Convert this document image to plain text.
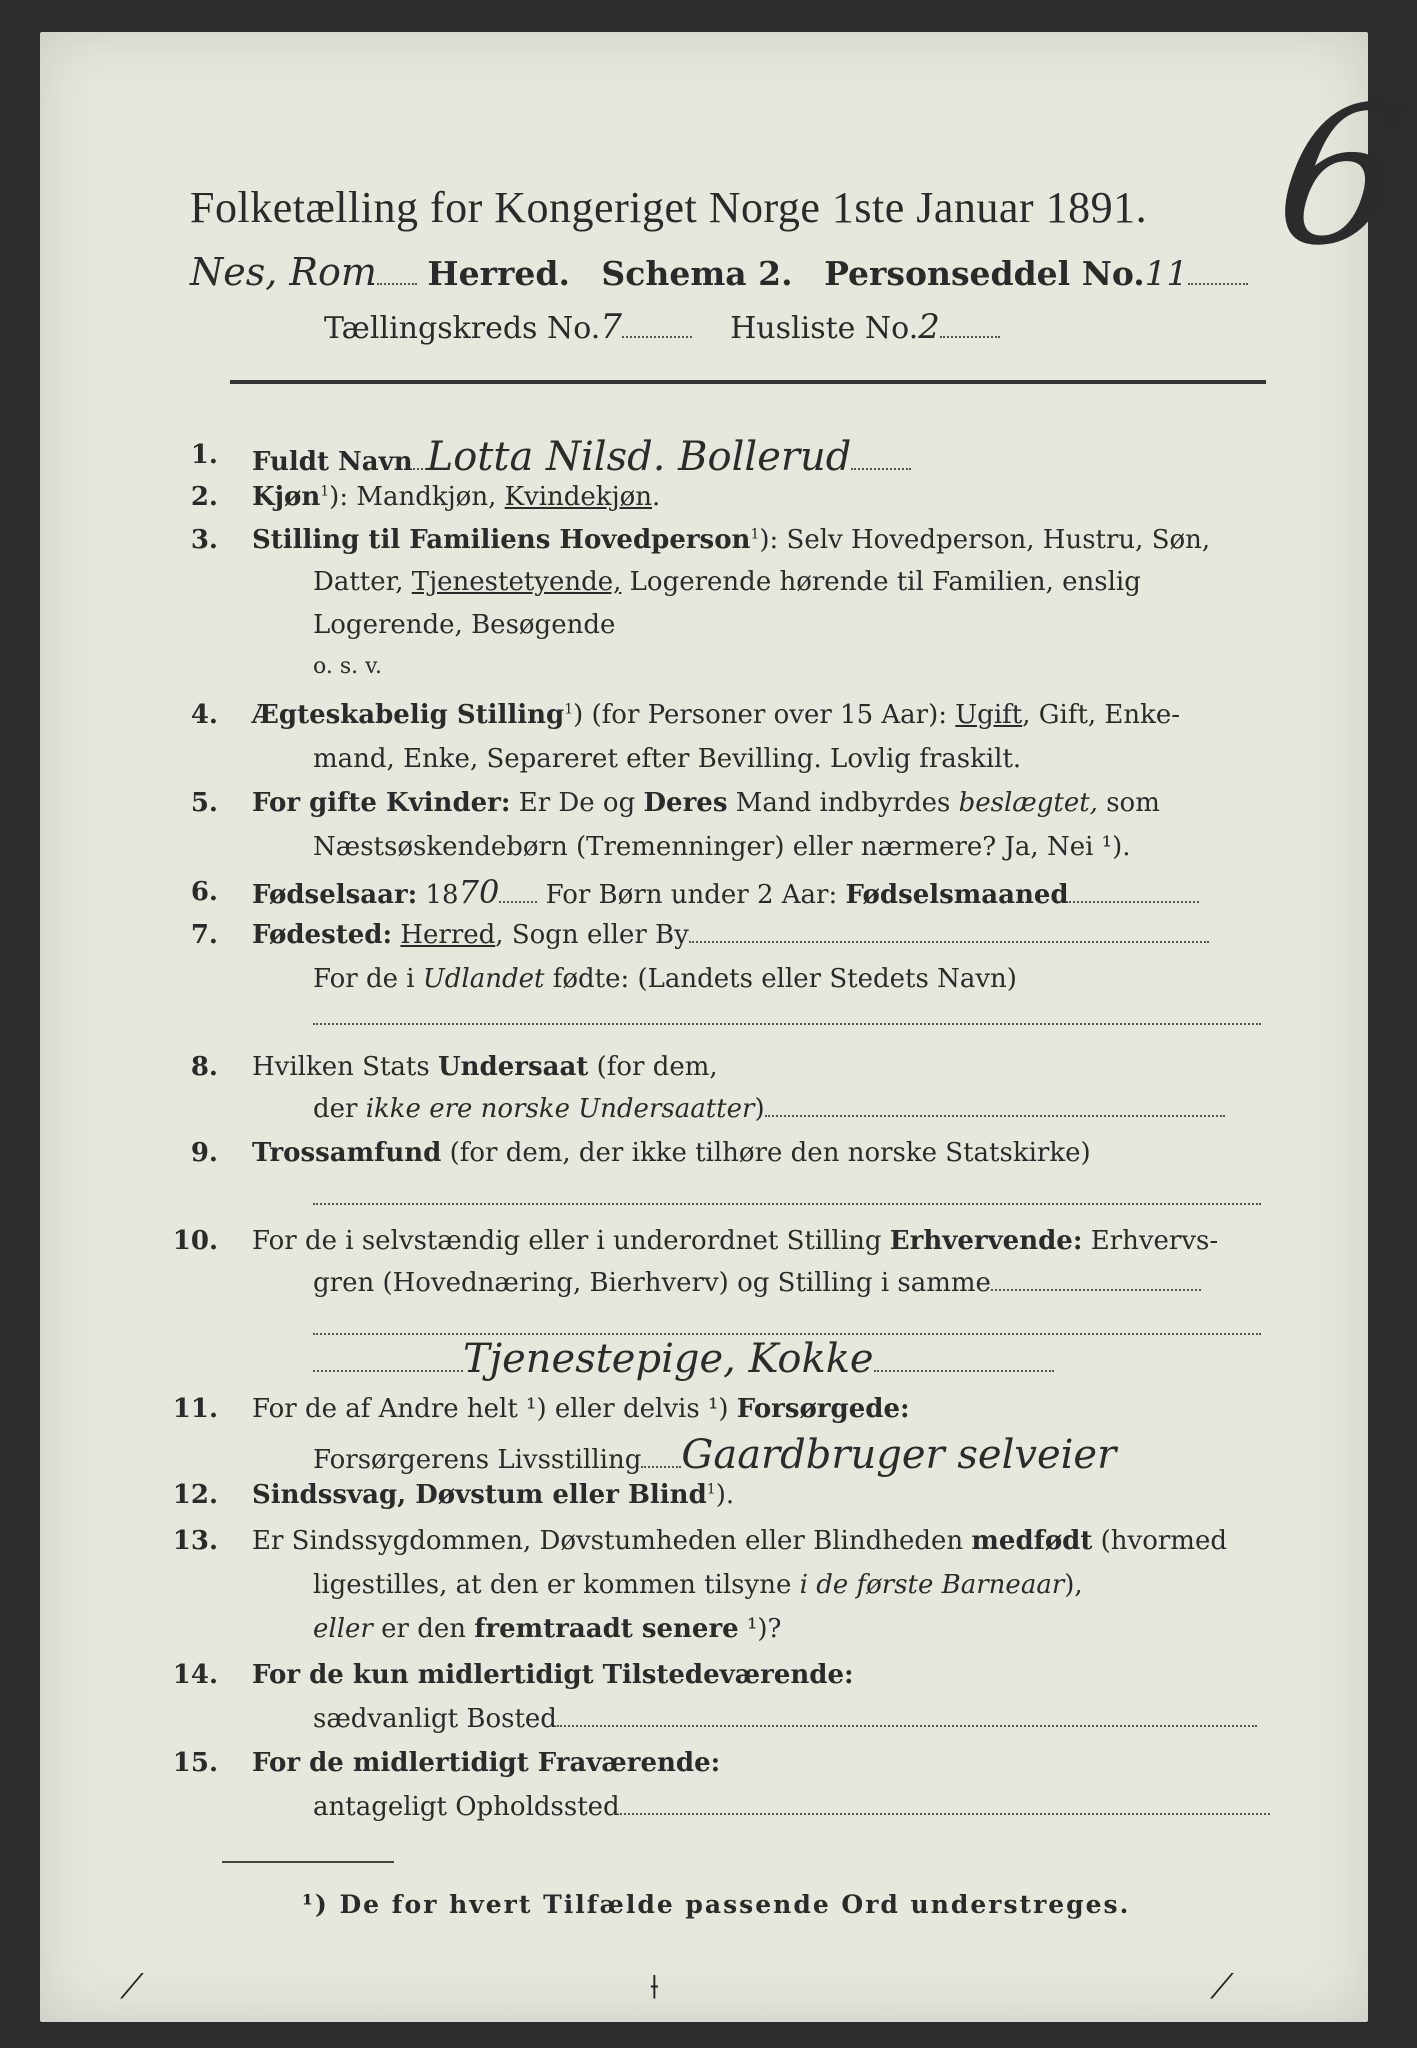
Folketælling for Kongeriget Norge 1ste Januar 1891. 6
Nes, Rom Herred. Schema 2. Personseddel No.11
Tællingskreds No.7	Husliste No.2
1. Fuldt Navn Lotta Nilsd. Bollerud
2. Kjøn$^1$): Mandkjøn, Kvindekjøn.
3. Stilling til Familiens Hovedperson$^1$): Selv Hovedperson, Hustru, Søn,
Datter, Tjenestetyende, Logerende hørende til Familien, enslig
Logerende, Besøgende
o. s. v.
4. Ægteskabelig Stilling$^1$) (for Personer over 15 Aar): Ugift, Gift, Enke-
mand, Enke, Separeret efter Bevilling. Lovlig fraskilt.
5. For gifte Kvinder: Er De og Deres Mand indbyrdes beslægtet, som
Næstsøskendebørn (Tremenninger) eller nærmere? Ja, Nei ¹).
6. Fødselsaar: 1870 For Børn under 2 Aar: Fødselsmaaned
7. Fødested: Herred, Sogn eller By
For de i Udlandet fødte: (Landets eller Stedets Navn)
8. Hvilken Stats Undersaat (for dem,
der ikke ere norske Undersaatter)
9. Trossamfund (for dem, der ikke tilhøre den norske Statskirke)
10. For de i selvstændig eller i underordnet Stilling Erhvervende: Erhvervs-
gren (Hovednæring, Bierhverv) og Stilling i samme
Tjenestepige, Kokke
11. For de af Andre helt ¹) eller delvis ¹) Forsørgede:
Forsørgerens Livsstilling Gaardbruger selveier
12. Sindssvag, Døvstum eller Blind$^1$).
13. Er Sindssygdommen, Døvstumheden eller Blindheden medfødt (hvormed
ligestilles, at den er kommen tilsyne i de første Barneaar),
eller er den fremtraadt senere ¹)?
14. For de kun midlertidigt Tilstedeværende:
sædvanligt Bosted
15. For de midlertidigt Fraværende:
antageligt Opholdssted
¹) De for hvert Tilfælde passende Ord understreges.
⟋	⟊	⟋
